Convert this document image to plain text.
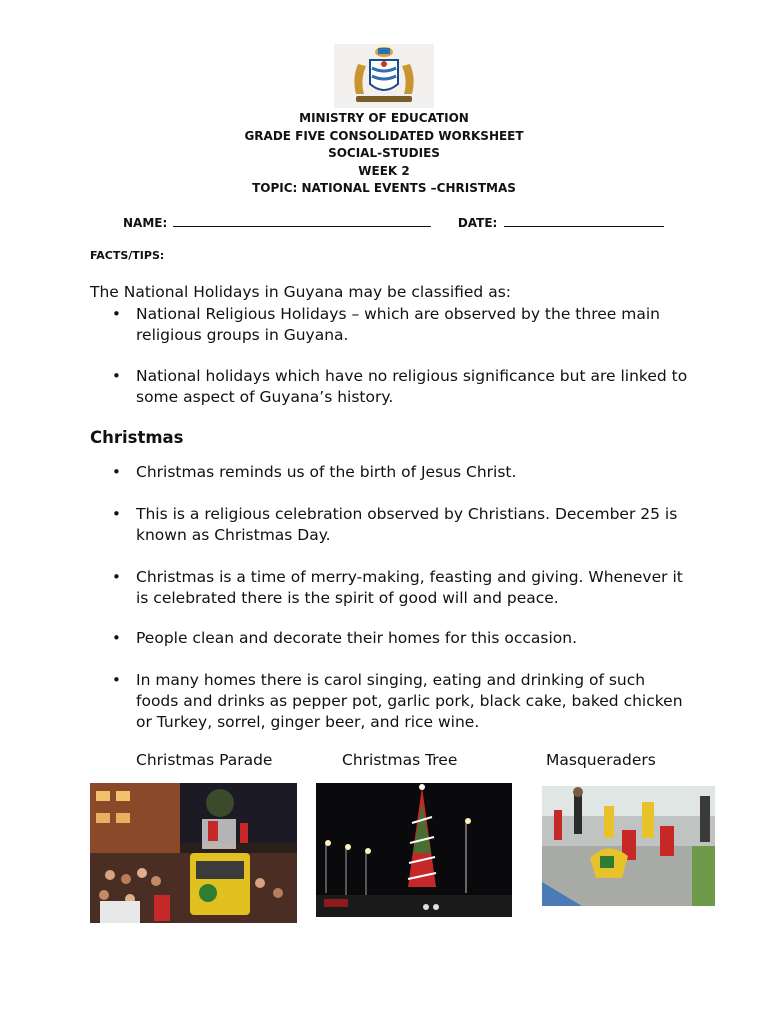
MINISTRY OF EDUCATION
GRADE FIVE CONSOLIDATED WORKSHEET
SOCIAL-STUDIES
WEEK 2
TOPIC: NATIONAL EVENTS –CHRISTMAS
NAME:	DATE:
FACTS/TIPS:
The National Holidays in Guyana may be classified as:
• National Religious Holidays – which are observed by the three main religious groups in Guyana.
• National holidays which have no religious significance but are linked to some aspect of Guyana’s history.
Christmas
• Christmas reminds us of the birth of Jesus Christ.
• This is a religious celebration observed by Christians. December 25 is known as Christmas Day.
• Christmas is a time of merry-making, feasting and giving. Whenever it is celebrated there is the spirit of good will and peace.
• People clean and decorate their homes for this occasion.
• In many homes there is carol singing, eating and drinking of such foods and drinks as pepper pot, garlic pork, black cake, baked chicken or Turkey, sorrel, ginger beer, and rice wine.
Christmas Parade	Christmas Tree	Masqueraders
